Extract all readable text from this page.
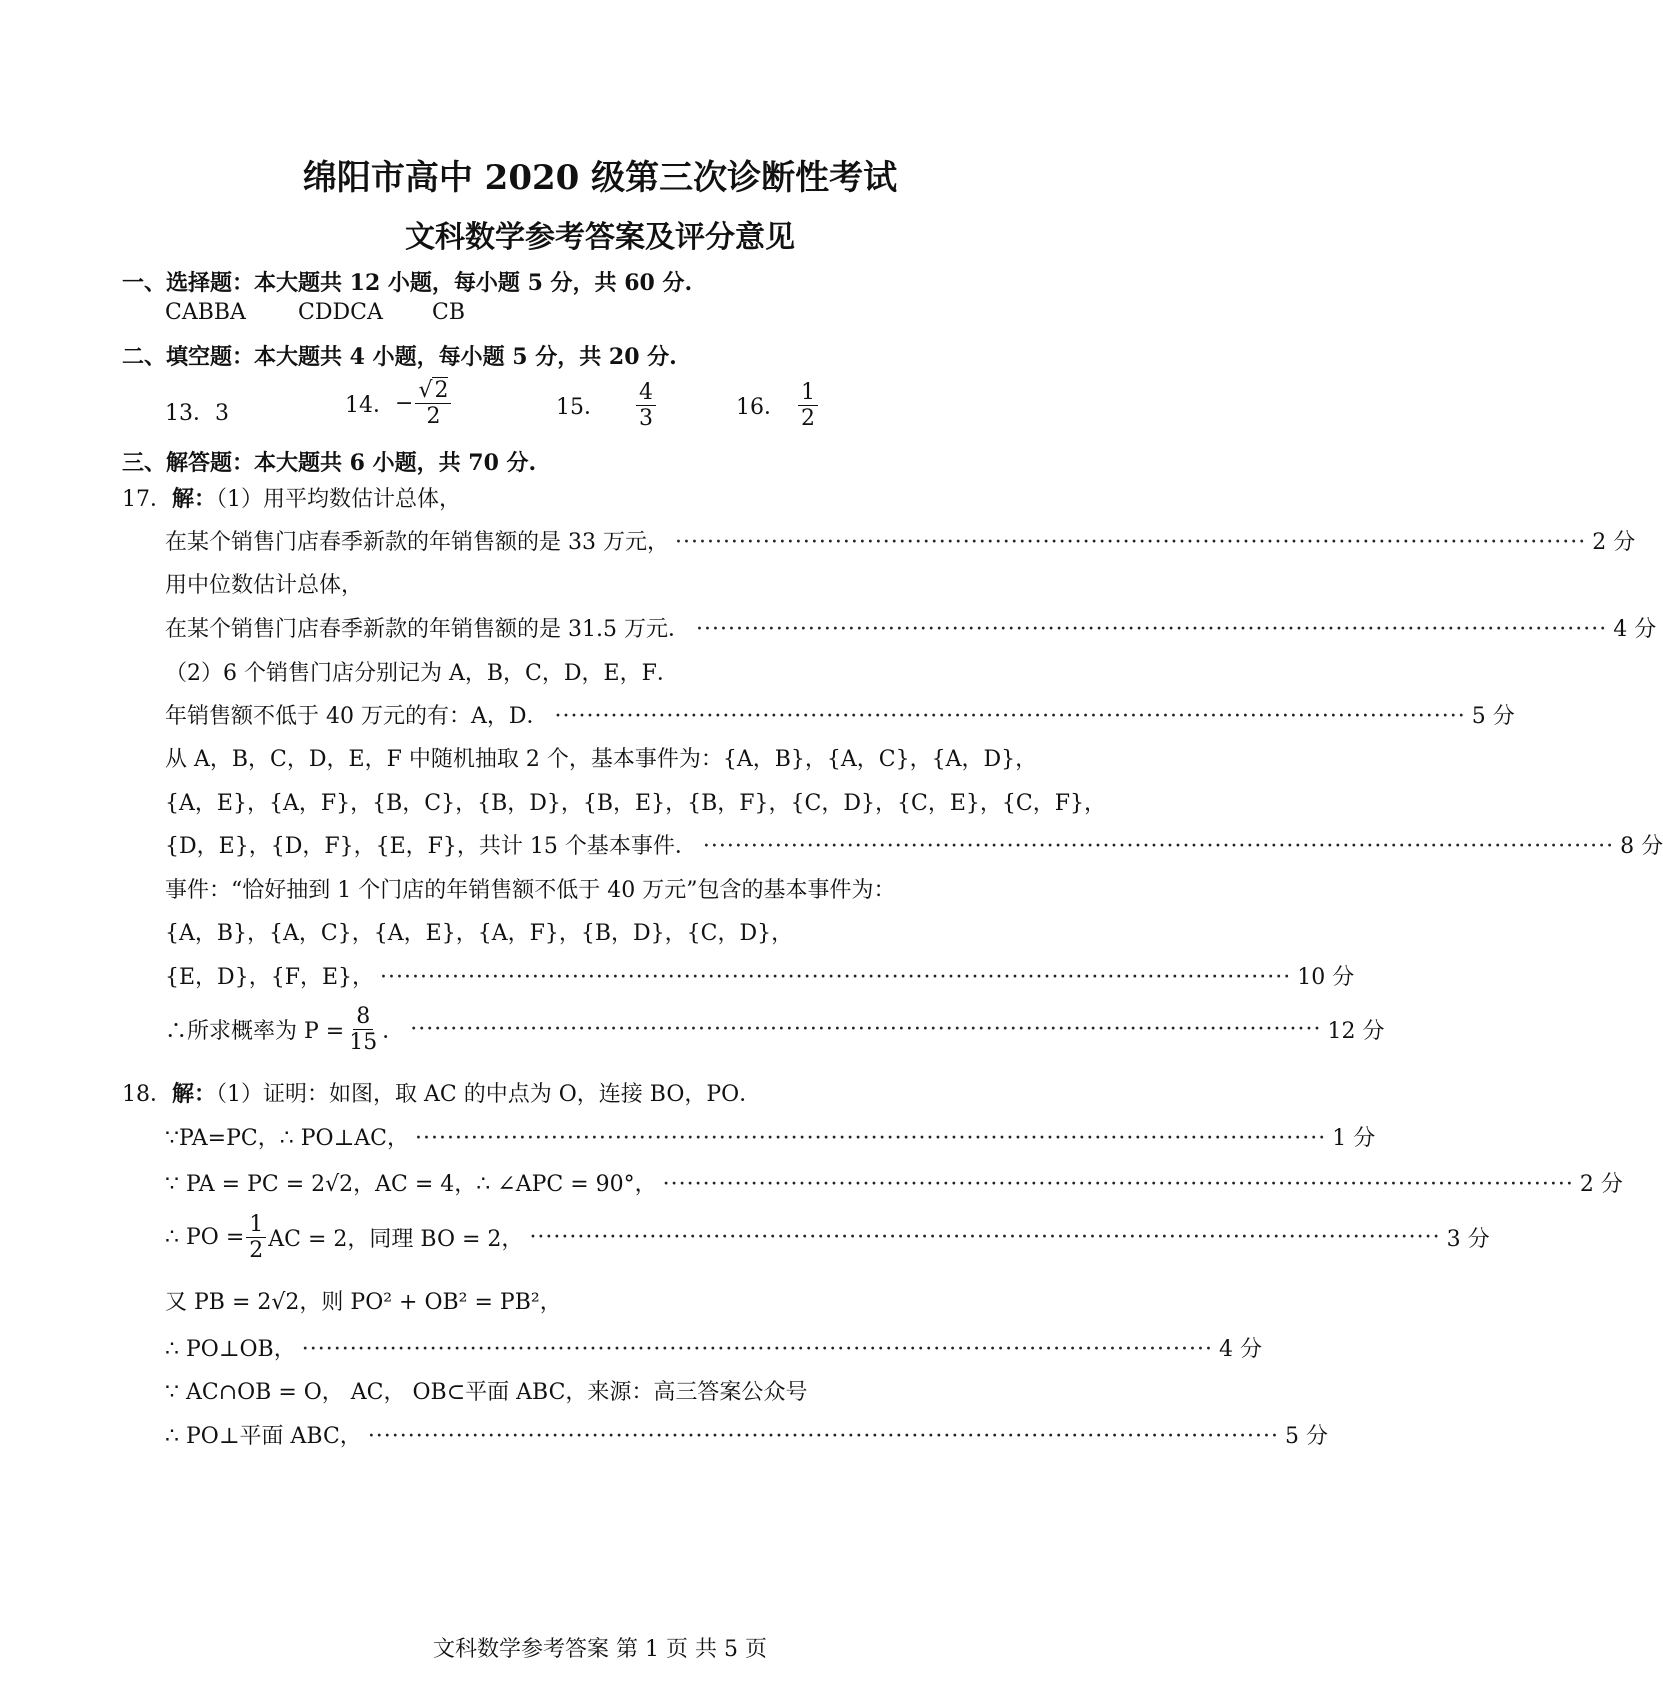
绵阳市高中 2020 级第三次诊断性考试
文科数学参考答案及评分意见
一、选择题：本大题共 12 小题，每小题 5 分，共 60 分.
CABBA CDDCA CB
二、填空题：本大题共 4 小题，每小题 5 分，共 20 分.
13．3	14． − $\frac{√2}{2}$	15． $\frac{4}{3}$	16． $\frac{1}{2}$
三、解答题：本大题共 6 小题，共 70 分.
17．解：（1）用平均数估计总体，
在某个销售门店春季新款的年销售额的是 33 万元， ·················································································································· 2 分
用中位数估计总体，
在某个销售门店春季新款的年销售额的是 31.5 万元． ·················································································································· 4 分
（2）6 个销售门店分别记为 A，B，C，D，E，F．
年销售额不低于 40 万元的有：A，D． ·················································································································· 5 分
从 A，B，C，D，E，F 中随机抽取 2 个，基本事件为：{A，B}，{A，C}，{A，D}，
{A，E}，{A，F}，{B，C}，{B，D}，{B，E}，{B，F}，{C，D}，{C，E}，{C，F}，
{D，E}，{D，F}，{E，F}，共计 15 个基本事件． ·················································································································· 8 分
事件：“恰好抽到 1 个门店的年销售额不低于 40 万元”包含的基本事件为：
{A，B}，{A，C}，{A，E}，{A，F}，{B，D}，{C，D}，
{E，D}，{F，E}， ·················································································································· 10 分
∴所求概率为 $P = \frac{8}{15}$ ． ·················································································································· 12 分
18．解：（1）证明：如图，取 AC 的中点为 O，连接 BO，PO．
∵PA=PC，∴ PO⊥AC， ·················································································································· 1 分
∵ PA = PC = 2√2，AC = 4，∴ ∠APC = 90°， ·················································································································· 2 分
∴ PO = $\frac{1}{2}$ AC = 2，同理 BO = 2， ·················································································································· 3 分
又 PB = 2√2，则 PO² + OB² = PB²，
∴ PO⊥OB， ·················································································································· 4 分
∵ AC∩OB = O， AC， OB⊂平面 ABC，来源：高三答案公众号
∴ PO⊥平面 ABC， ·················································································································· 5 分
文科数学参考答案 第 1 页 共 5 页
